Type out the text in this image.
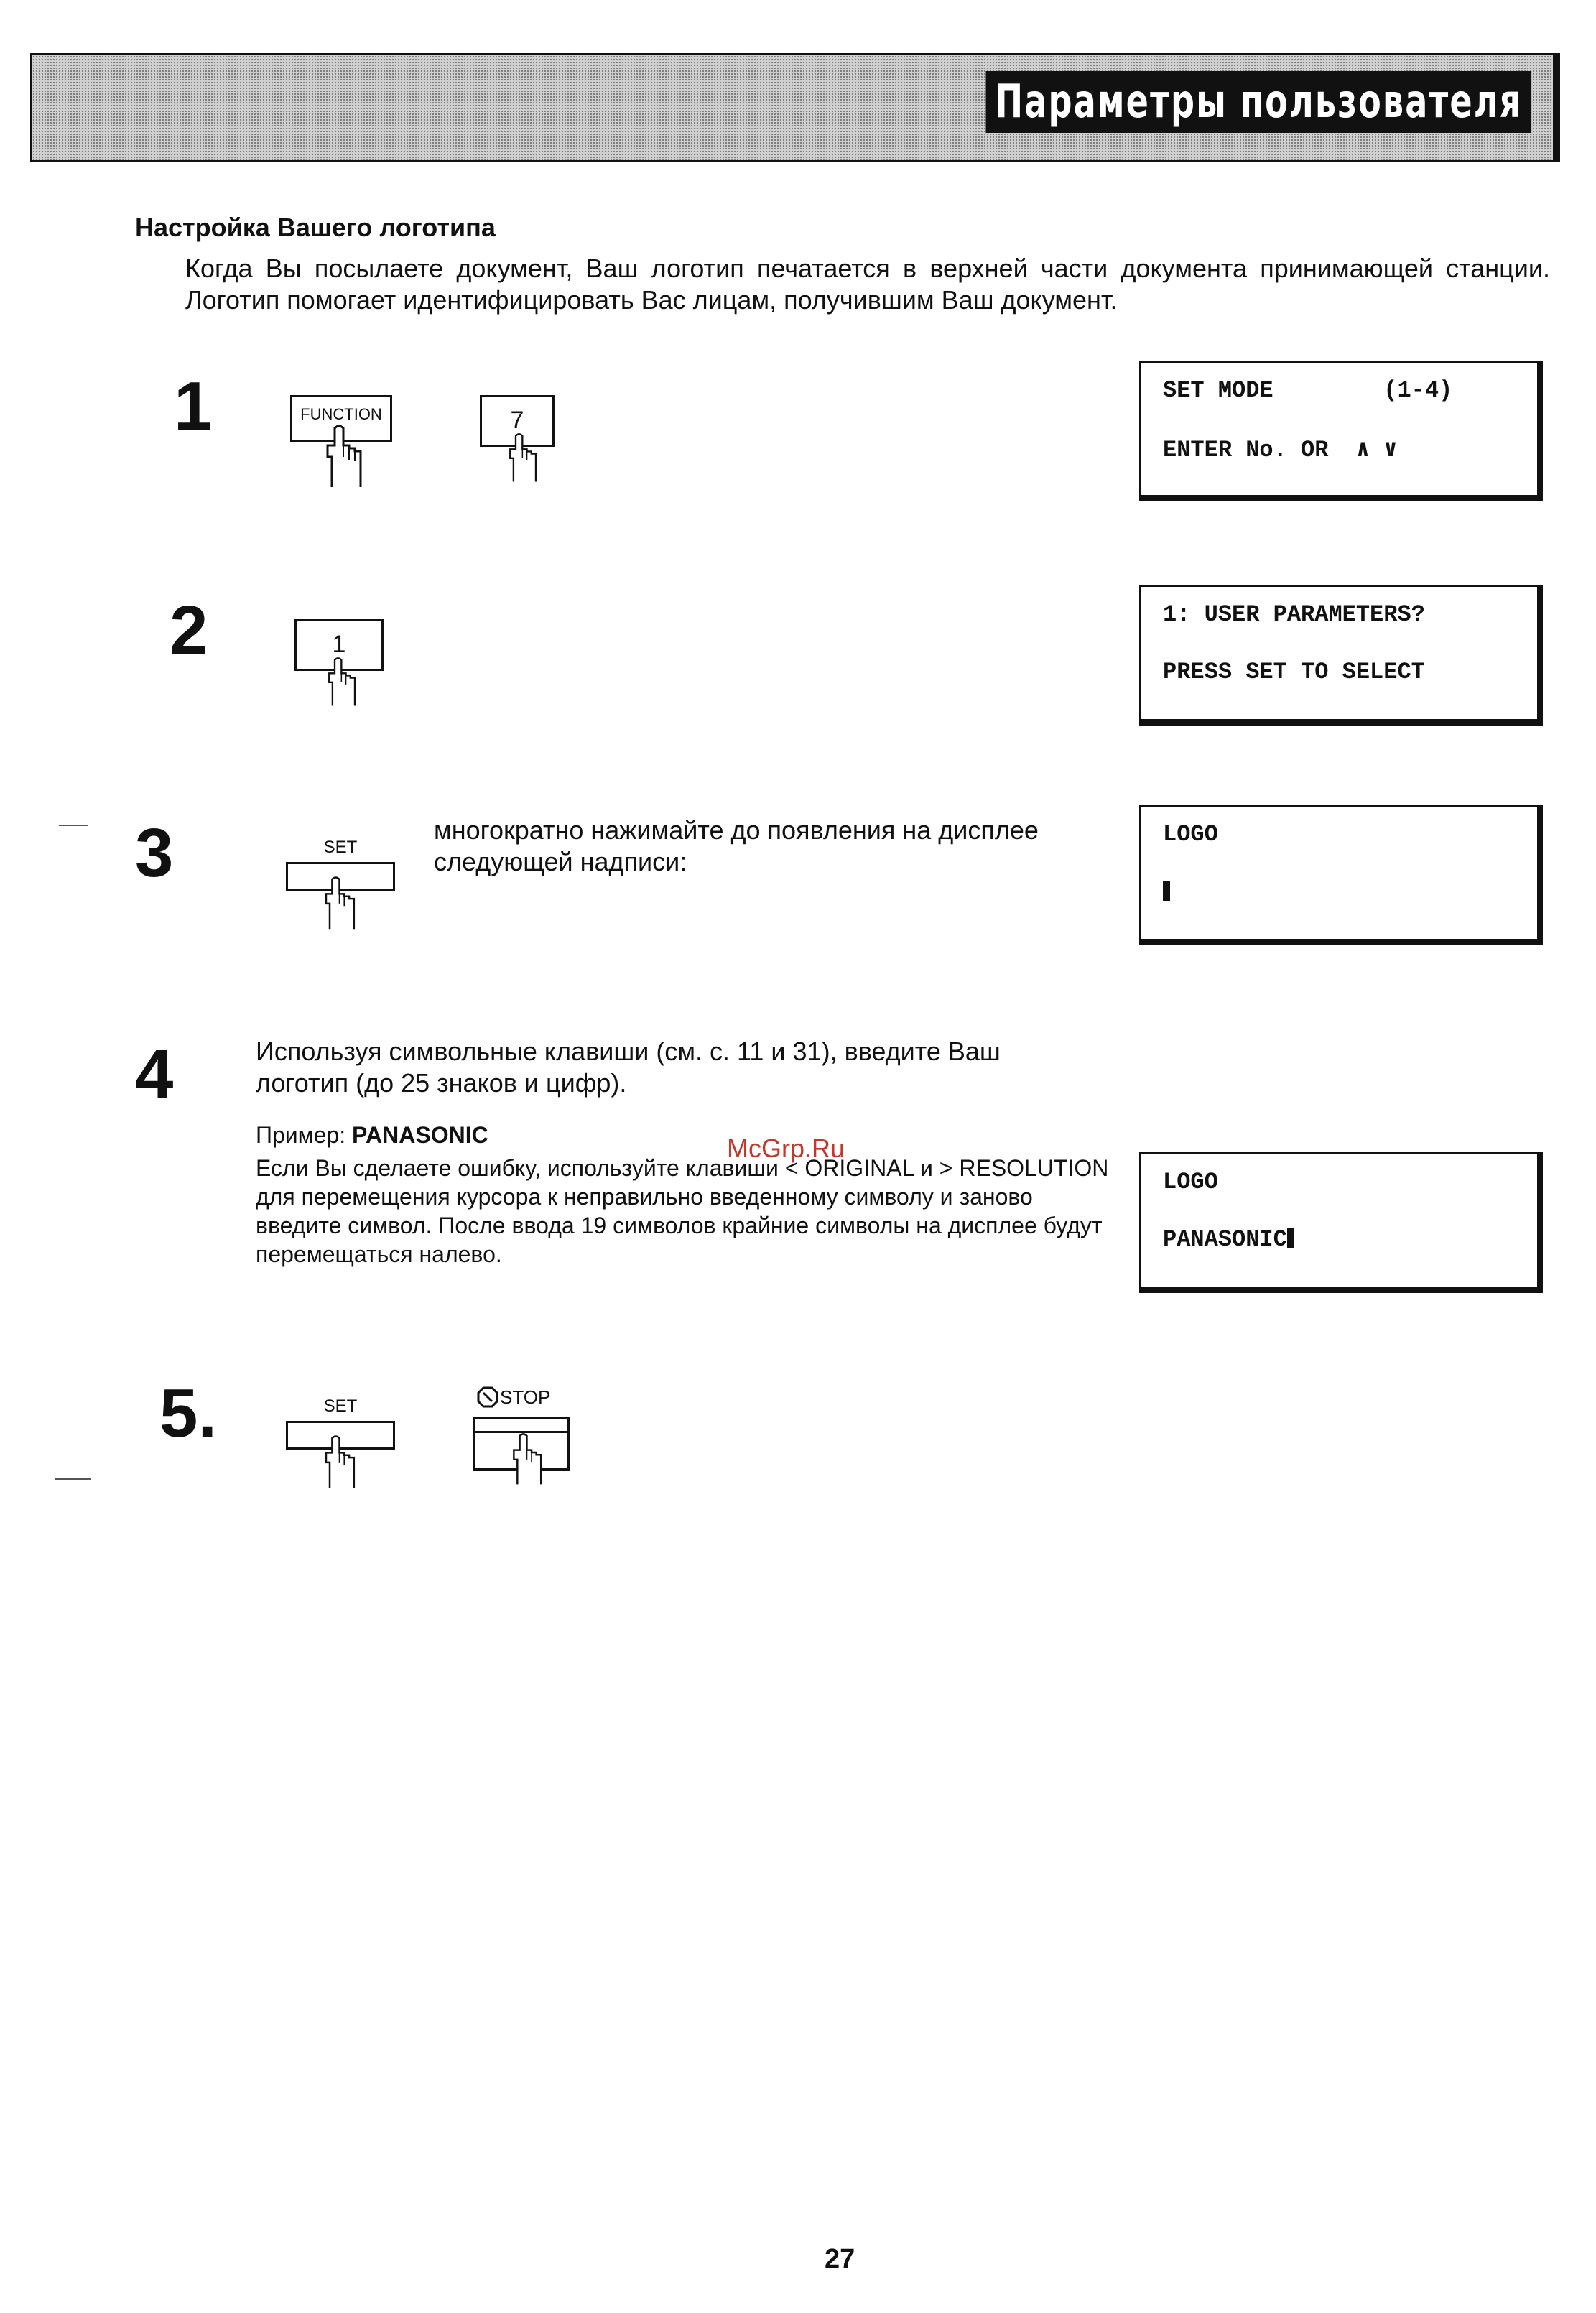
Параметры пользователя
Настройка Вашего логотипа
Когда Вы посылаете документ, Ваш логотип печатается в верхней части документа принимающей станции. Логотип помогает идентифицировать Вас лицам, получившим Ваш документ.
1	FUNCTION	7
SET MODE        (1-4)
ENTER No. OR  ∧ ∨
2	1
1: USER PARAMETERS?
PRESS SET TO SELECT
3	SET
многократно нажимайте до появления на дисплее следующей надписи:
LOGO
4	Используя символьные клавиши (см. с. 11 и 31), введите Ваш логотип (до 25 знаков и цифр).
Пример: PANASONIC
Если Вы сделаете ошибку, используйте клавиши < ORIGINAL и > RESOLUTION для перемещения курсора к неправильно введенному символу и заново введите символ. После ввода 19 символов крайние символы на дисплее будут перемещаться налево.
McGrp.Ru
LOGO
PANASONIC
5.	SET	STOP
27
